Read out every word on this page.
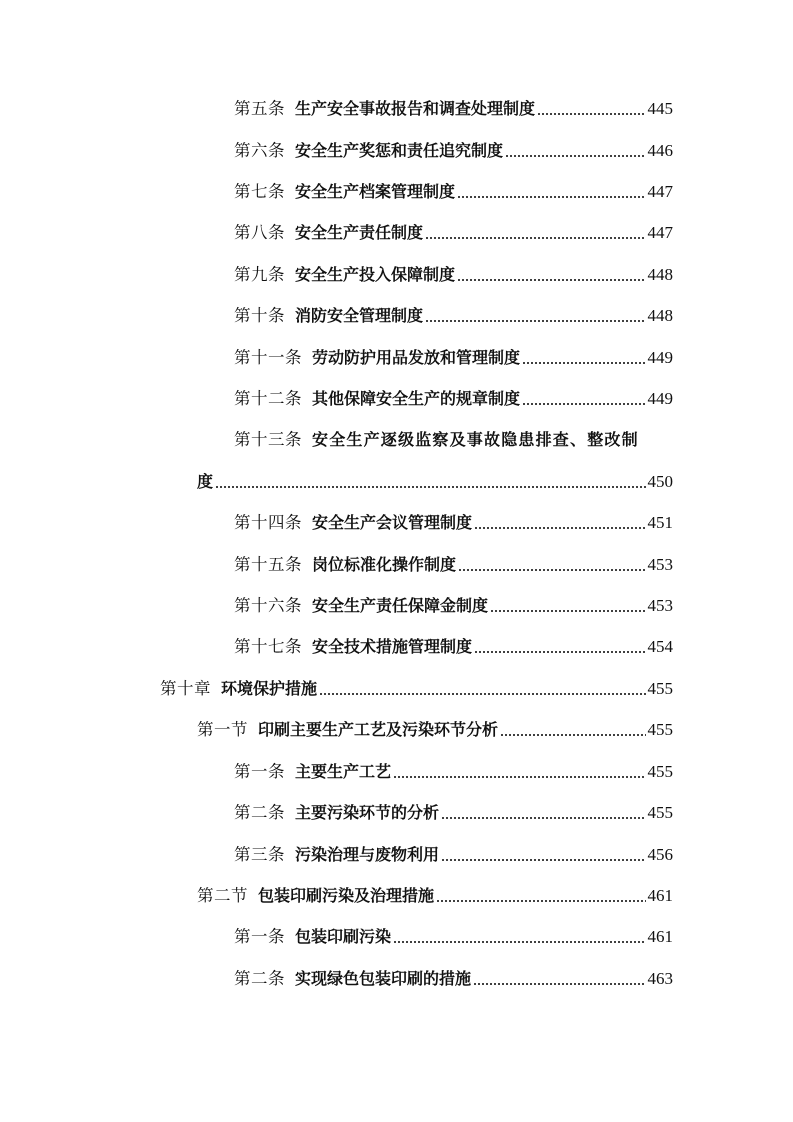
第五条 生产安全事故报告和调查处理制度	445
第六条 安全生产奖惩和责任追究制度	446
第七条 安全生产档案管理制度	447
第八条 安全生产责任制度	447
第九条 安全生产投入保障制度	448
第十条 消防安全管理制度	448
第十一条 劳动防护用品发放和管理制度	449
第十二条 其他保障安全生产的规章制度	449
第十三条 安全生产逐级监察及事故隐患排查、整改制
度	450
第十四条 安全生产会议管理制度	451
第十五条 岗位标准化操作制度	453
第十六条 安全生产责任保障金制度	453
第十七条 安全技术措施管理制度	454
第十章 环境保护措施	455
第一节 印刷主要生产工艺及污染环节分析	455
第一条 主要生产工艺	455
第二条 主要污染环节的分析	455
第三条 污染治理与废物利用	456
第二节 包装印刷污染及治理措施	461
第一条 包装印刷污染	461
第二条 实现绿色包装印刷的措施	463
